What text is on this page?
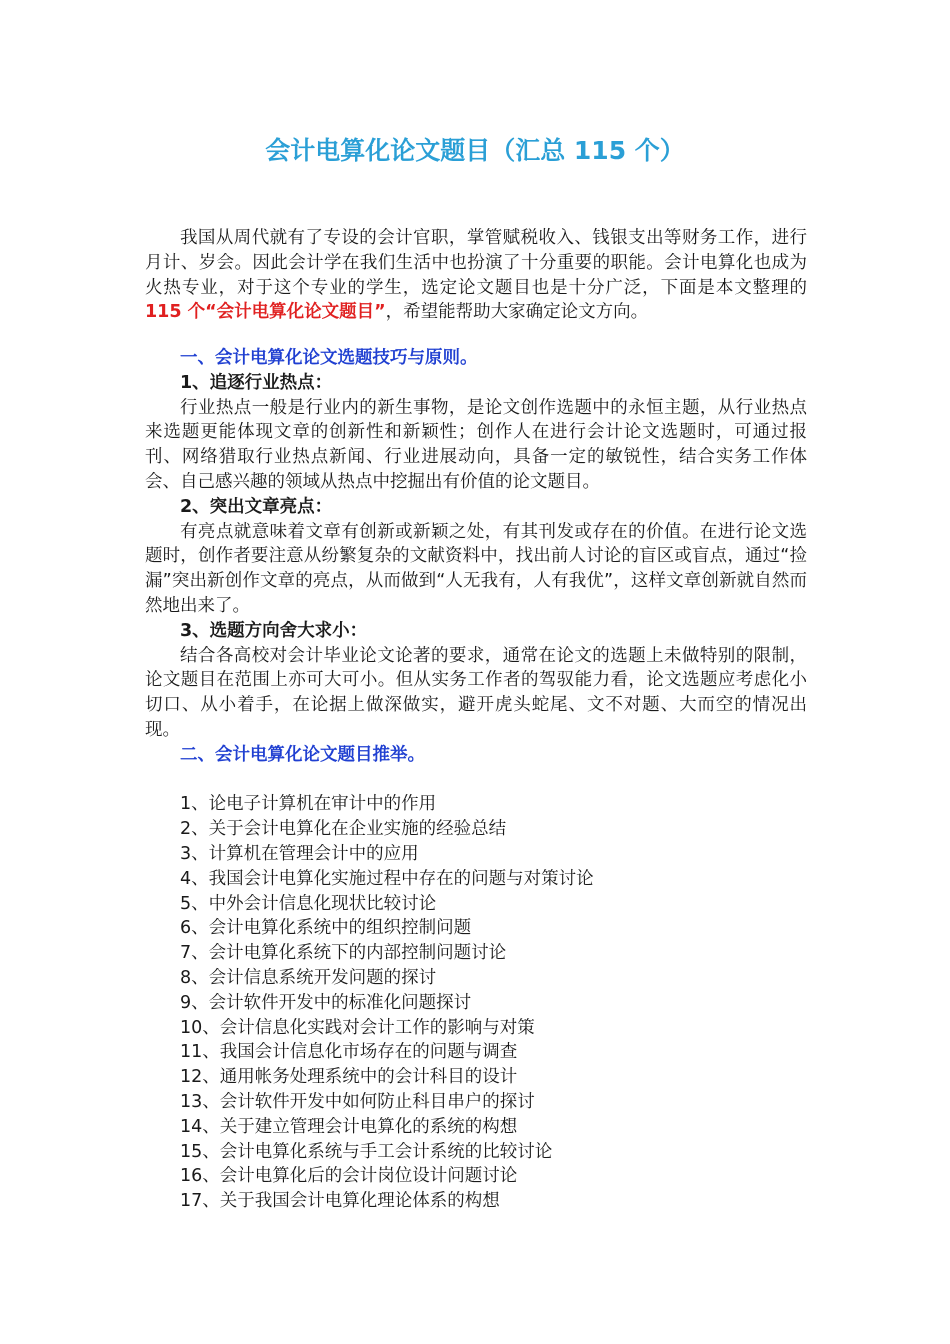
会计电算化论文题目（汇总 115 个）
我国从周代就有了专设的会计官职，掌管赋税收入、钱银支出等财务工作，进行月计、岁会。因此会计学在我们生活中也扮演了十分重要的职能。会计电算化也成为火热专业，对于这个专业的学生，选定论文题目也是十分广泛，下面是本文整理的115 个“会计电算化论文题目”，希望能帮助大家确定论文方向。
一、会计电算化论文选题技巧与原则。
1、追逐行业热点：
行业热点一般是行业内的新生事物，是论文创作选题中的永恒主题，从行业热点来选题更能体现文章的创新性和新颖性；创作人在进行会计论文选题时，可通过报刊、网络猎取行业热点新闻、行业进展动向，具备一定的敏锐性，结合实务工作体会、自己感兴趣的领域从热点中挖掘出有价值的论文题目。
2、突出文章亮点：
有亮点就意味着文章有创新或新颖之处，有其刊发或存在的价值。在进行论文选题时，创作者要注意从纷繁复杂的文献资料中，找出前人讨论的盲区或盲点，通过“捡漏”突出新创作文章的亮点，从而做到“人无我有，人有我优”，这样文章创新就自然而然地出来了。
3、选题方向舍大求小：
结合各高校对会计毕业论文论著的要求，通常在论文的选题上未做特别的限制，论文题目在范围上亦可大可小。但从实务工作者的驾驭能力看，论文选题应考虑化小切口、从小着手，在论据上做深做实，避开虎头蛇尾、文不对题、大而空的情况出现。
二、会计电算化论文题目推举。
1、论电子计算机在审计中的作用
2、关于会计电算化在企业实施的经验总结
3、计算机在管理会计中的应用
4、我国会计电算化实施过程中存在的问题与对策讨论
5、中外会计信息化现状比较讨论
6、会计电算化系统中的组织控制问题
7、会计电算化系统下的内部控制问题讨论
8、会计信息系统开发问题的探讨
9、会计软件开发中的标准化问题探讨
10、会计信息化实践对会计工作的影响与对策
11、我国会计信息化市场存在的问题与调查
12、通用帐务处理系统中的会计科目的设计
13、会计软件开发中如何防止科目串户的探讨
14、关于建立管理会计电算化的系统的构想
15、会计电算化系统与手工会计系统的比较讨论
16、会计电算化后的会计岗位设计问题讨论
17、关于我国会计电算化理论体系的构想
